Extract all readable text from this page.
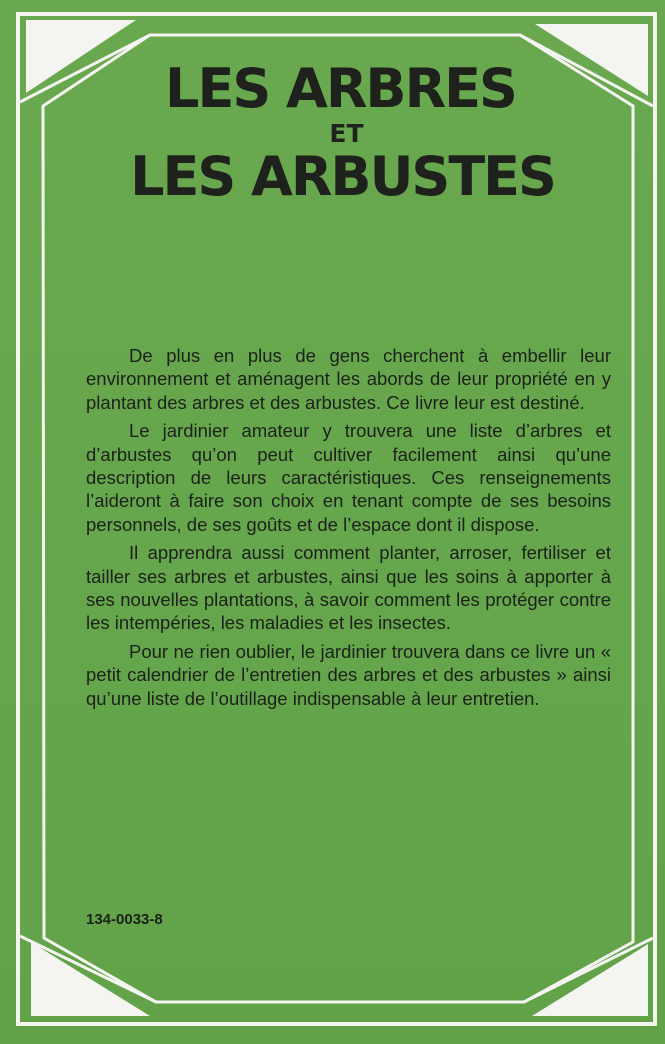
LES ARBRES
ET
LES ARBUSTES

De plus en plus de gens cherchent à embellir leur environnement et aménagent les abords de leur propriété en y plantant des arbres et des arbustes. Ce livre leur est destiné.

Le jardinier amateur y trouvera une liste d’arbres et d’arbustes qu’on peut cultiver facilement ainsi qu’une description de leurs caractéristiques. Ces renseignements l’aideront à faire son choix en tenant compte de ses besoins personnels, de ses goûts et de l’espace dont il dispose.

Il apprendra aussi comment planter, arroser, fertiliser et tailler ses arbres et arbustes, ainsi que les soins à apporter à ses nouvelles plantations, à savoir comment les protéger contre les intempéries, les maladies et les insectes.

Pour ne rien oublier, le jardinier trouvera dans ce livre un « petit calendrier de l’entretien des arbres et des arbustes » ainsi qu’une liste de l’outillage indispensable à leur entretien.

134-0033-8
